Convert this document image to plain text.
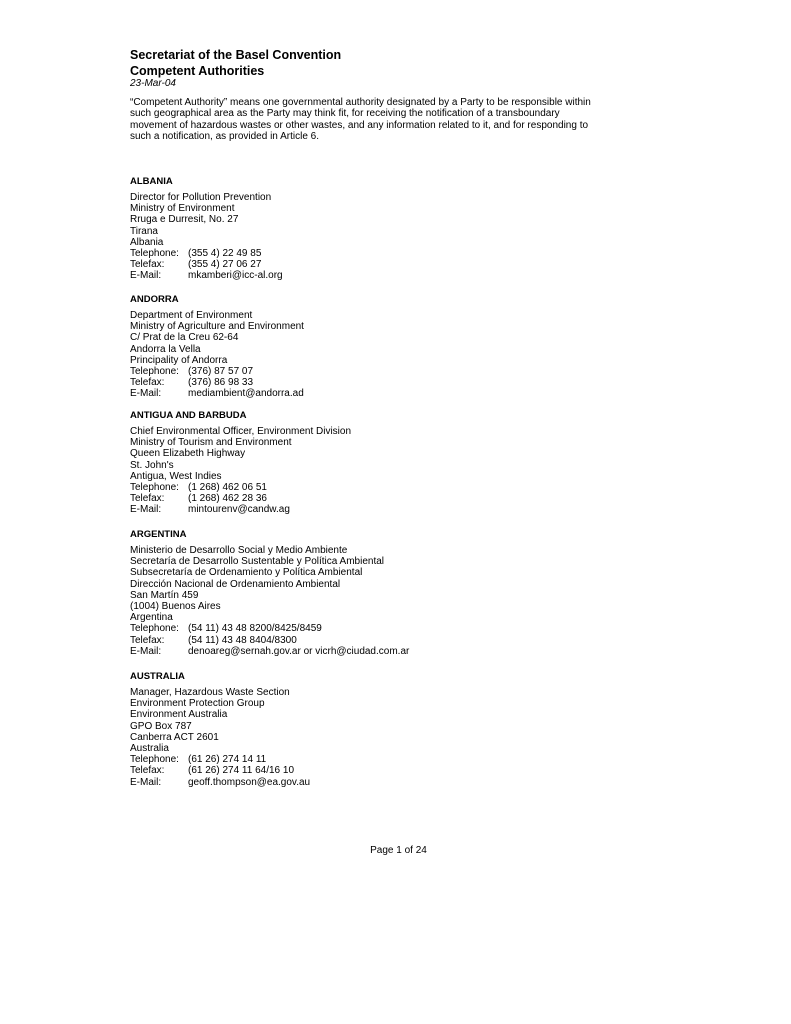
Secretariat of the Basel Convention
Competent Authorities
23-Mar-04
“Competent Authority” means one governmental authority designated by a Party to be responsible within such geographical area as the Party may think fit, for receiving the notification of a transboundary movement of hazardous wastes or other wastes, and any information related to it, and for responding to such a notification, as provided in Article 6.
ALBANIA
Director for Pollution Prevention
Ministry of Environment
Rruga e Durresit, No. 27
Tirana
Albania
Telephone: (355 4) 22 49 85
Telefax:	(355 4) 27 06 27
E-Mail:	mkamberi@icc-al.org
ANDORRA
Department of Environment
Ministry of Agriculture and Environment
C/ Prat de la Creu 62-64
Andorra la Vella
Principality of Andorra
Telephone: (376) 87 57 07
Telefax:	(376) 86 98 33
E-Mail:	mediambient@andorra.ad
ANTIGUA AND BARBUDA
Chief Environmental Officer, Environment Division
Ministry of Tourism and Environment
Queen Elizabeth Highway
St. John's
Antigua, West Indies
Telephone: (1 268) 462 06 51
Telefax:	(1 268) 462 28 36
E-Mail:	mintourenv@candw.ag
ARGENTINA
Ministerio de Desarrollo Social y Medio Ambiente
Secretaría de Desarrollo Sustentable y Política Ambiental
Subsecretaría de Ordenamiento y Política Ambiental
Dirección Nacional de Ordenamiento Ambiental
San Martín 459
(1004) Buenos Aires
Argentina
Telephone: (54 11) 43 48 8200/8425/8459
Telefax:	(54 11) 43 48 8404/8300
E-Mail:	denoareg@sernah.gov.ar or vicrh@ciudad.com.ar
AUSTRALIA
Manager, Hazardous Waste Section
Environment Protection Group
Environment Australia
GPO Box 787
Canberra ACT 2601
Australia
Telephone: (61 26) 274 14 11
Telefax:	(61 26) 274 11 64/16 10
E-Mail:	geoff.thompson@ea.gov.au
Page 1 of 24
